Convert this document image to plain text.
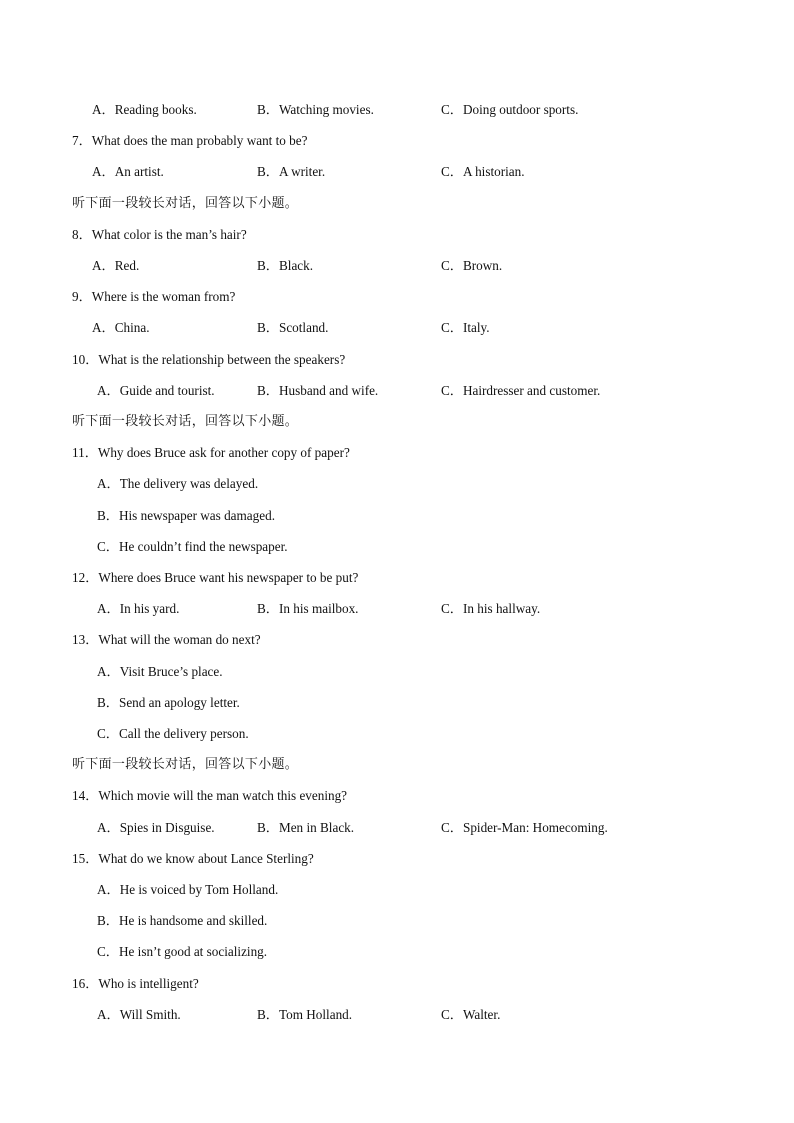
A．Reading books.	B．Watching movies.	C．Doing outdoor sports.
7．What does the man probably want to be?
A．An artist.	B．A writer.	C．A historian.
听下面一段较长对话，回答以下小题。
8．What color is the man’s hair?
A．Red.	B．Black.	C．Brown.
9．Where is the woman from?
A．China.	B．Scotland.	C．Italy.
10．What is the relationship between the speakers?
A．Guide and tourist.	B．Husband and wife.	C．Hairdresser and customer.
听下面一段较长对话，回答以下小题。
11．Why does Bruce ask for another copy of paper?
A．The delivery was delayed.
B．His newspaper was damaged.
C．He couldn’t find the newspaper.
12．Where does Bruce want his newspaper to be put?
A．In his yard.	B．In his mailbox.	C．In his hallway.
13．What will the woman do next?
A．Visit Bruce’s place.
B．Send an apology letter.
C．Call the delivery person.
听下面一段较长对话，回答以下小题。
14．Which movie will the man watch this evening?
A．Spies in Disguise.	B．Men in Black.	C．Spider-Man: Homecoming.
15．What do we know about Lance Sterling?
A．He is voiced by Tom Holland.
B．He is handsome and skilled.
C．He isn’t good at socializing.
16．Who is intelligent?
A．Will Smith.	B．Tom Holland.	C．Walter.
